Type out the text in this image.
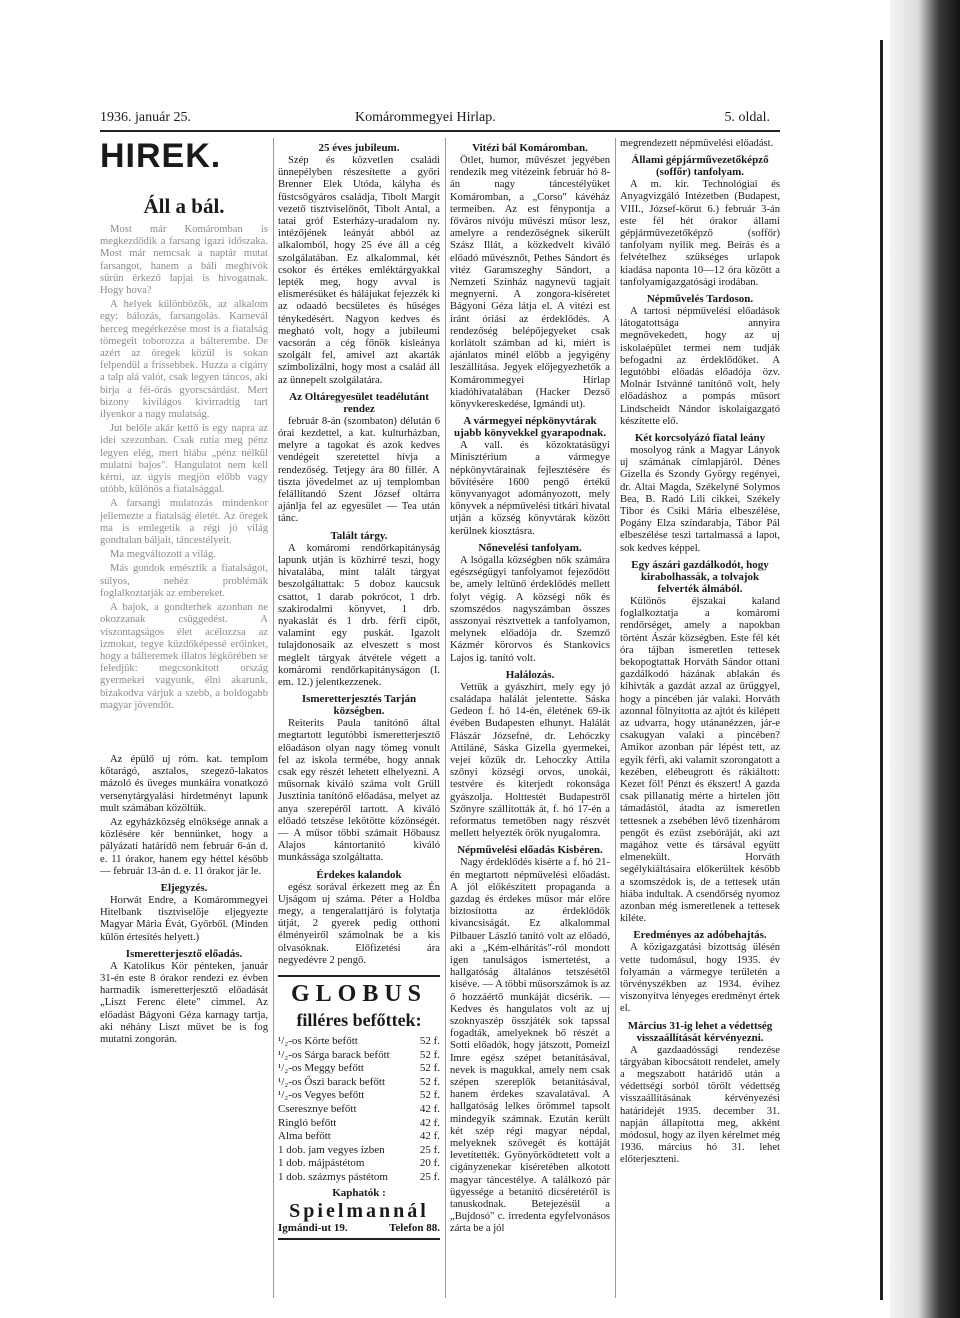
1936. január 25.	Komárommegyei Hirlap.	5. oldal.
HIREK.
Áll a bál.

Most már Komáromban is megkezdődik a farsang igazi időszaka. Most már nemcsak a naptár mutat farsangot, hanem a báli meghívók sűrűn érkező lapjai is hivogatnak. Hogy hova?

A helyek különbözők, az alkalom egy: bálozás, farsangolás. Karnevál herceg megérkezése most is a fiatalság tömegeit toborozza a bálterembe. De azért az öregek közül is sokan felpendül a frissebbek. Huzza a cigány a talp alá valót, csak legyen táncos, aki birja a féi-órás gyorscsárdást. Mert bizony kivilágos kivirradtig tart ilyenkor a nagy mulatság.

Jut belőle akár kettő is egy napra az idei szezonban. Csak rutia meg pénz legyen elég, mert hiába „pénz nélkül mulatni bajos". Hangulatot nem kell kérni, az úgyis megjön előbb vagy utóbb, különös a fiatalsággal.

A farsangi mulatozás mindenkor jellemezte a fiatalság életét. Az öregek ma is emlegetik a régi jó világ gondtalan báljait, táncestélyeit.

Ma megváltozott a világ.

Más gondok emésztik a fiatalságot, súlyos, nehéz problémák foglalkoztatják az embereket.

A bajok, a gondterhek azonban ne okozzanak csüggedést. A viszontagságos élet acélozzsa az izmokat, tegye küzdőképessé erőinket, hogy a bálteremek illatos légkörében se feledjük: megcsonkított ország gyermekei vagyunk, élni akarunk, bizakodva várjuk a szebb, a boldogabb magyar jövendőt.

Az épülő uj róm. kat. templom kőtarágó, asztalos, szegező-lakatos mázoló és üveges munkáira vonatkozó versenytárgyalási hirdetményt lapunk mult számában közöltük.

Az egyházközség elnöksége annak a közlésére kér bennünket, hogy a pályázati határidő nem február 6-án d. e. 11 órakor, hanem egy héttel később — február 13-án d. e. 11 órakor jár le.

Eljegyzés.

Horwát Endre, a Komárommegyei Hitelbank tisztviselője eljegyezte Magyar Mária Évát, Győrből. (Minden külön értesítés helyett.)

Ismeretterjesztő előadás.

A Katolikus Kör pénteken, január 31-én este 8 órakor rendezi ez évben harmadik ismeretterjesztő előadását „Liszt Ferenc élete" cimmel. Az előadást Bágyoni Géza karnagy tartja, aki néhány Liszt művet be is fog mutatni zongorán.

25 éves jubileum.

Szép és közvetlen családi ünnepélyben részesítette a győri Brenner Elek Utóda, kályha és füstcsőgyáros családja, Tibolt Margit vezető tisztviselőnőt, Tibolt Antal, a tatai gróf Esterházy-uradalom ny. intézőjének leányát abból az alkalomból, hogy 25 éve áll a cég szolgálatában. Ez alkalommal, két csokor és értékes emléktárgyakkal lepték meg, hogy avval is elismerésüket és hálájukat fejezzék ki az odaadó becsületes és hűséges ténykedésért. Nagyon kedves és megható volt, hogy a jubileumi vacsorán a cég főnök kisleánya szolgált fel, amivel azt akarták szimbolizálni, hogy most a család áll az ünnepelt szolgálatára.

Az Oltáregyesület teadélutánt rendez

február 8-án (szombaton) délután 6 órai kezdettel, a kat. kulturházban, melyre a tagokat és azok kedves vendégeit szeretettel hívja a rendezőség. Tetjegy ára 80 fillér. A tiszta jövedelmet az uj templomban felállítandó Szent József oltárra ajánlja fel az egyesület — Tea után tánc.

Talált tárgy.

A komáromi rendőrkapitányság lapunk utján is közhírré teszi, hogy hivatalába, mint talált tárgyat beszolgáltattak: 5 doboz kaucsuk csattot, 1 darab pokrócot, 1 drb. szakirodalmi könyvet, 1 drb. nyakaslát és 1 drb. férfi cipőt, valamint egy puskát. Igazolt tulajdonosaik az elveszett s most meglelt tárgyak átvétele végett a komáromi rendőrkapitányságon (I. em. 12.) jelentkezzenek.

Ismeretterjesztés Tarján községben.

Reiterits Paula tanítónő által megtartott legutóbbi ismeretterjesztő előadáson olyan nagy tömeg vonult fel az iskola termébe, hogy annak csak egy részét lehetett elhelyezni. A műsornak kiváló száma volt Grüll Jusztinia tanítónő előadása, melyet az anya szerepéről tartott. A kiváló előadó tetszése lekötötte közönségét. — A műsor többi számait Hőbausz Alajos kántortanító kiváló munkássága szolgáltatta.

Érdekes kalandok

egész sorával érkezett meg az Én Ujságom uj száma. Péter a Holdba megy, a tengeralattjáró is folytatja útját, 2 gyerek pedig otthoni élményeiről számolnak be a kis olvasóknak. Előfizetési ára negyedévre 2 pengő.

GLOBUS
filléres befőttek:
¹/₂-os Körte befőtt	52 f.
¹/₂-os Sárga barack befőtt	52 f.
¹/₂-os Meggy befőtt	52 f.
¹/₂-os Őszi barack befőtt	52 f.
¹/₂-os Vegyes befőtt	52 f.
Cseresznye befőtt	42 f.
Ringló befőtt	42 f.
Alma befőtt	42 f.
1 dob. jam vegyes izben	25 f.
1 dob. májpástétom	20 f.
1 dob. százmys pástétom	25 f.
Kaphatók :
Spielmannál
Igmándi-ut 19.	Telefon 88.
Vitézi bál Komáromban.

Ötlet, humor, művészet jegyében rendezik meg vitézeink február hó 8-án nagy táncestélyüket Komáromban, a „Corso" kávéház termeiben. Az est fénypontja a főváros nívóju művészi műsor lesz, amelyre a rendezőségnek sikerült Szász Illát, a közkedvelt kiváló előadó művésznőt, Pethes Sándort és vitéz Garamszeghy Sándort, a Nemzeti Színház nagynevü tagjait megnyerni. A zongora-kíséretet Bágyoni Géza látja el. A vitézi est iránt óriási az érdeklődés. A rendezőség belépőjegyeket csak korlátolt számban ad ki, miért is ajánlatos minél előbb a jegyigény leszállítása. Jegyek előjegyezhetők a Komárommegyei Hírlap kiadóhivatalában (Hacker Dezső könyvkereskedése, Igmándi ut).

A vármegyei népkönyvtárak ujabb könyvekkel gyarapodnak.

A vall. és közoktatásügyi Minisztérium a vármegye népkönyvtárainak fejlesztésére és bővítésére 1600 pengő értékű könyvanyagot adományozott, mely könyvek a népművelési titkári hivatal utján a község könyvtárak között kerülnek kiosztásra.

Nőnevelési tanfolyam.

A lsógalla községben nők számára egészségügyi tanfolyamot fejeződött be, amely leltünő érdeklődés mellett folyt végig. A községi nők és szomszédos nagyszámban összes asszonyai résztvettek a tanfolyamon, melynek előadója dr. Szemző Kázmér körorvos és Stankovics Lajos ig. tanító volt.

Halálozás.

Vettük a gyászhírt, mely egy jó családapa halálát jelentette. Sáska Gedeon f. hó 14-én, életének 69-ik évében Budapesten elhunyt. Halálát Flászár Józsefné, dr. Lehóczky Attiláné, Sáska Gizella gyermekei, vejei közük dr. Lehoczky Attila szőnyi községi orvos, unokái, testvére és kiterjedt rokonsága gyászolja. Holttestét Budapestről Szőnyre szállították át, f. hó 17-én a reformatus temetőben nagy részvét mellett helyezték örök nyugalomra.

Népművelési előadás Kisbéren.

Nagy érdeklődés kisérte a f. hó 21-én megtartott népművelési előadást. A jól előkészített propaganda a gazdag és érdekes műsor már előre biztosította az érdeklődők kivancsiságát. Ez alkalommal Pilbauer László tanító volt az előadó, aki a „Kém-elhárítás"-ról mondott igen tanulságos ismertetést, a hallgatóság általános tetszésétől kiséve. — A többi műsorszámok is az ő hozzáértő munkáját dicsérik. — Kedves és hangulatos volt az uj szoknyaszép összjáték sok tapssal fogadták, amelyeknek bő részét a Sotti előadók, hogy játszott, Pomeizl Imre egész szépet betanításával, nevek is magukkal, amely nem csak szépen szereplők betanításával, hanem érdekes szavalatával. A hallgatóság lelkes örömmel tapsolt mindegyik számnak. Ezután került két szép régi magyar népdal, melyeknek szövegét és kottáját levetítették. Gyönyörködtetett volt a cigányzenekar kiséretében alkotott magyar táncestélye. A találkozó pár ügyessége a betanító dicséretéről is tanuskodnak. Betejezésül a „Bujdosó" c. irredenta egyfelvonásos zárta be a jól

megrendezett népművelési előadást.

Állami gépjárművezetőképző (soffőr) tanfolyam.

A m. kir. Technológiai és Anyagvizgáló Intézetben (Budapest, VIII., József-körut 6.) február 3-án este fél hét órakor állami gépjárművezetőképző (soffőr) tanfolyam nyilik meg. Beírás és a felvételhez szükséges urlapok kiadása naponta 10—12 óra között a tanfolyamigazgatósági irodában.

Népművelés Tardoson.

A tartosi népművelési előadások látogatottsága annyira megnövekedett, hogy az uj iskolaépület termei nem tudják befogadni az érdeklődőket. A legutóbbi előadás előadója özv. Molnár Istvánné tanítónő volt, hely előadáshoz a pompás műsort Lindscheidt Nándor iskolaigazgató készítette elő.

Két korcsolyázó fiatal leány

mosolyog ránk a Magyar Lányok uj számának címlapjáról. Dénes Gizella és Szondy György regényei, dr. Altai Magda, Székelyné Solymos Bea, B. Radó Lili cikkei, Székely Tibor és Csiki Mária elbeszélése, Pogány Elza színdarabja, Tábor Pál elbeszélése teszi tartalmassá a lapot, sok kedves képpel.

Egy ászári gazdálkodót, hogy kirabolhassák, a tolvajok felverték álmából.

Különös éjszakai kaland foglalkoztatja a komáromi rendőrséget, amely a napokban történt Ászár községben. Este fél két óra tájban ismeretlen tettesek bekopogtattak Horváth Sándor ottani gazdálkodó házának ablakán és kihivták a gazdát azzal az ürüggyel, hogy a pincében jár valaki. Horváth azonnal fölnyitotta az ajtót és kilépett az udvarra, hogy utánanézzen, jár-e csakugyan valaki a pincében? Amikor azonban pár lépést tett, az egyik férfi, aki valamit szorongatott a kezében, elébeugrott és rákiáltott: Kezet föl! Pénzt és ékszert! A gazda csak pillanatig mérte a hirtelen jött támadástól, átadta az ismeretlen tettesnek a zsebében lévő tizenhárom pengőt és ezüst zsebóráját, aki azt magához vette és társával együtt elmenekült. Horváth segélykiáltásaira előkerültek később a szomszédok is, de a tettesek után hiába indultak. A csendőrség nyomoz azonban még ismeretlenek a tettesek kiléte.

Eredményes az adóbehajtás.

A közigazgatási bizottság ülésén vette tudomásul, hogy 1935. év folyamán a vármegye területén a törvényszékben az 1934. évihez viszonyítva lényeges eredményt értek el.

Március 31-ig lehet a védettség visszaállítását kérvényezni.

A gazdaadóssági rendezése tárgyában kibocsátott rendelet, amely a megszabott határidő után a védettségi sorból törölt védettség visszaállításának kérvényezési határidejét 1935. december 31. napján állapította meg, akként módosul, hogy az ilyen kérelmet még 1936. március hó 31. lehet előterjeszteni.
